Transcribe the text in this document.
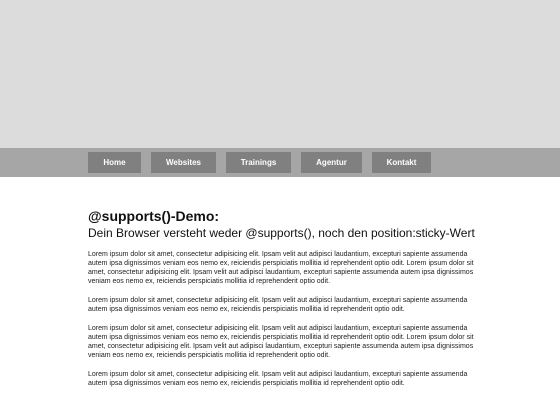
Home	Websites	Trainings	Agentur	Kontakt
@supports()-Demo:
Dein Browser versteht weder @supports(), noch den position:sticky-Wert

Lorem ipsum dolor sit amet, consectetur adipisicing elit. Ipsam velit aut adipisci laudantium, excepturi sapiente assumenda autem ipsa dignissimos veniam eos nemo ex, reiciendis perspiciatis mollitia id reprehenderit optio odit. Lorem ipsum dolor sit amet, consectetur adipisicing elit. Ipsam velit aut adipisci laudantium, excepturi sapiente assumenda autem ipsa dignissimos veniam eos nemo ex, reiciendis perspiciatis mollitia id reprehenderit optio odit.

Lorem ipsum dolor sit amet, consectetur adipisicing elit. Ipsam velit aut adipisci laudantium, excepturi sapiente assumenda autem ipsa dignissimos veniam eos nemo ex, reiciendis perspiciatis mollitia id reprehenderit optio odit.

Lorem ipsum dolor sit amet, consectetur adipisicing elit. Ipsam velit aut adipisci laudantium, excepturi sapiente assumenda autem ipsa dignissimos veniam eos nemo ex, reiciendis perspiciatis mollitia id reprehenderit optio odit. Lorem ipsum dolor sit amet, consectetur adipisicing elit. Ipsam velit aut adipisci laudantium, excepturi sapiente assumenda autem ipsa dignissimos veniam eos nemo ex, reiciendis perspiciatis mollitia id reprehenderit optio odit.

Lorem ipsum dolor sit amet, consectetur adipisicing elit. Ipsam velit aut adipisci laudantium, excepturi sapiente assumenda autem ipsa dignissimos veniam eos nemo ex, reiciendis perspiciatis mollitia id reprehenderit optio odit.
